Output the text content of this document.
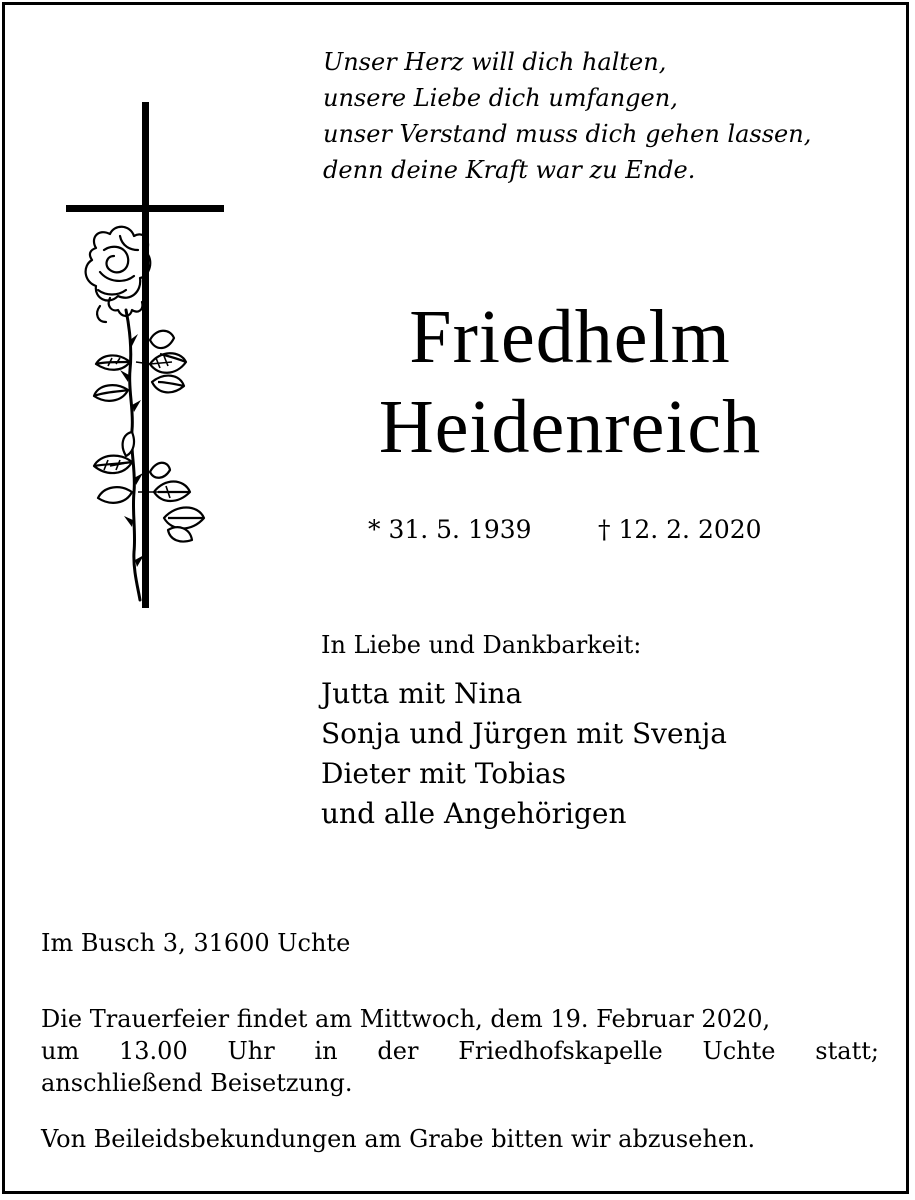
Unser Herz will dich halten,
unsere Liebe dich umfangen,
unser Verstand muss dich gehen lassen,
denn deine Kraft war zu Ende.
Friedhelm
Heidenreich
* 31. 5. 1939	† 12. 2. 2020
In Liebe und Dankbarkeit:
Jutta mit Nina
Sonja und Jürgen mit Svenja
Dieter mit Tobias
und alle Angehörigen
Im Busch 3, 31600 Uchte
Die Trauerfeier findet am Mittwoch, dem 19. Februar 2020,
um 13.00 Uhr in der Friedhofskapelle Uchte statt;
anschließend Beisetzung.
Von Beileidsbekundungen am Grabe bitten wir abzusehen.
